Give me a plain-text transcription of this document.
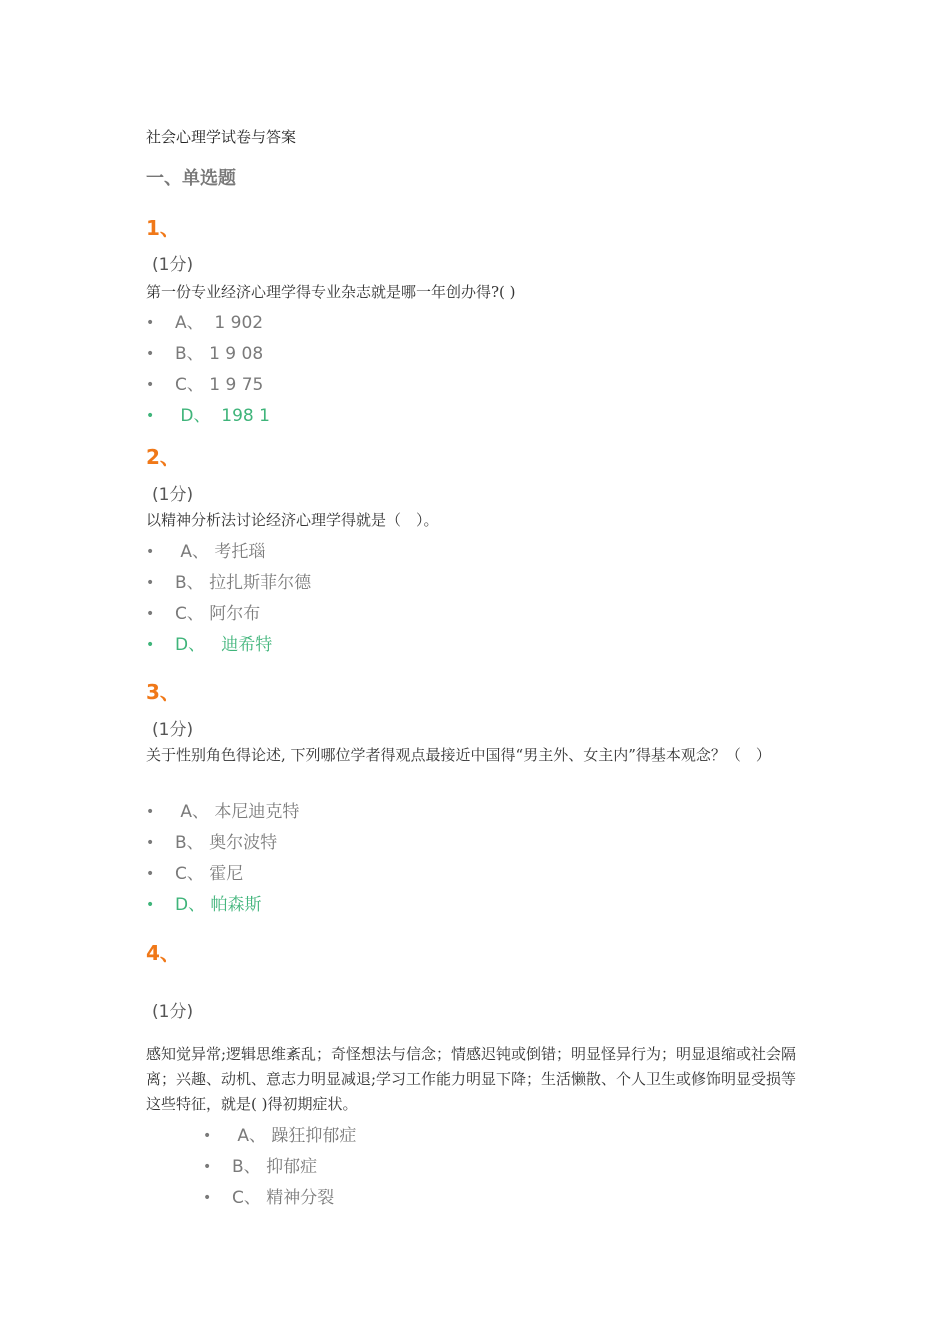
社会心理学试卷与答案
一、单选题
1、
(1分)
第一份专业经济心理学得专业杂志就是哪一年创办得?( )
• A、  1 902
• B、 1 9 08
• C、 1 9 75
• D、  198 1
2、
(1分)
以精神分析法讨论经济心理学得就是（　）。
• A、 考托瑙
• B、 拉扎斯菲尔德
• C、 阿尔布
• D、   迪希特
3、
(1分)
关于性别角色得论述, 下列哪位学者得观点最接近中国得“男主外、女主内”得基本观念？（　）
• A、 本尼迪克特
• B、 奥尔波特
• C、 霍尼
• D、 帕森斯
4、
(1分)
感知觉异常;逻辑思维紊乱；奇怪想法与信念；情感迟钝或倒错；明显怪异行为；明显退缩或社会隔离；兴趣、动机、意志力明显减退;学习工作能力明显下降；生活懒散、个人卫生或修饰明显受损等这些特征，就是( )得初期症状。
• A、 躁狂抑郁症
• B、 抑郁症
• C、 精神分裂
